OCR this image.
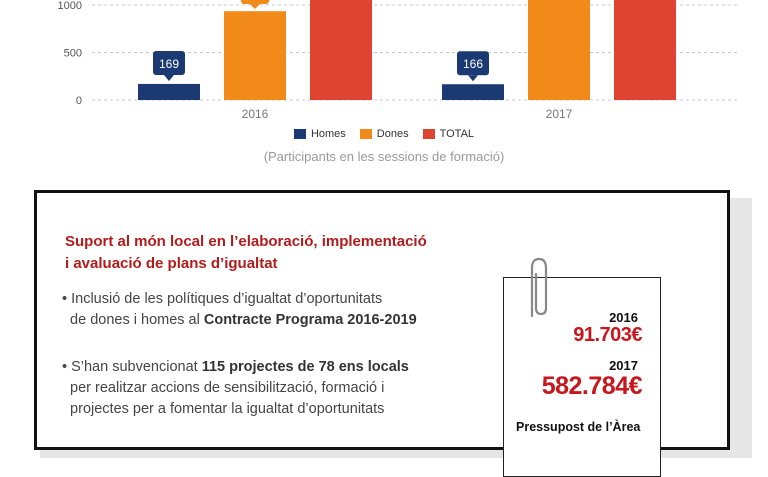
0
500
1000
169
2016
166
2017
Homes	Dones	TOTAL
(Participants en les sessions de formació)
Suport al món local en l’elaboració, implementació
i avaluació de plans d’igualtat
• Inclusió de les polítiques d’igualtat d’oportunitats
de dones i homes al Contracte Programa 2016-2019
• S’han subvencionat 115 projectes de 78 ens locals
per realitzar accions de sensibilització, formació i
projectes per a fomentar la igualtat d’oportunitats
2016
91.703€
2017
582.784€
Pressupost de l’Àrea
